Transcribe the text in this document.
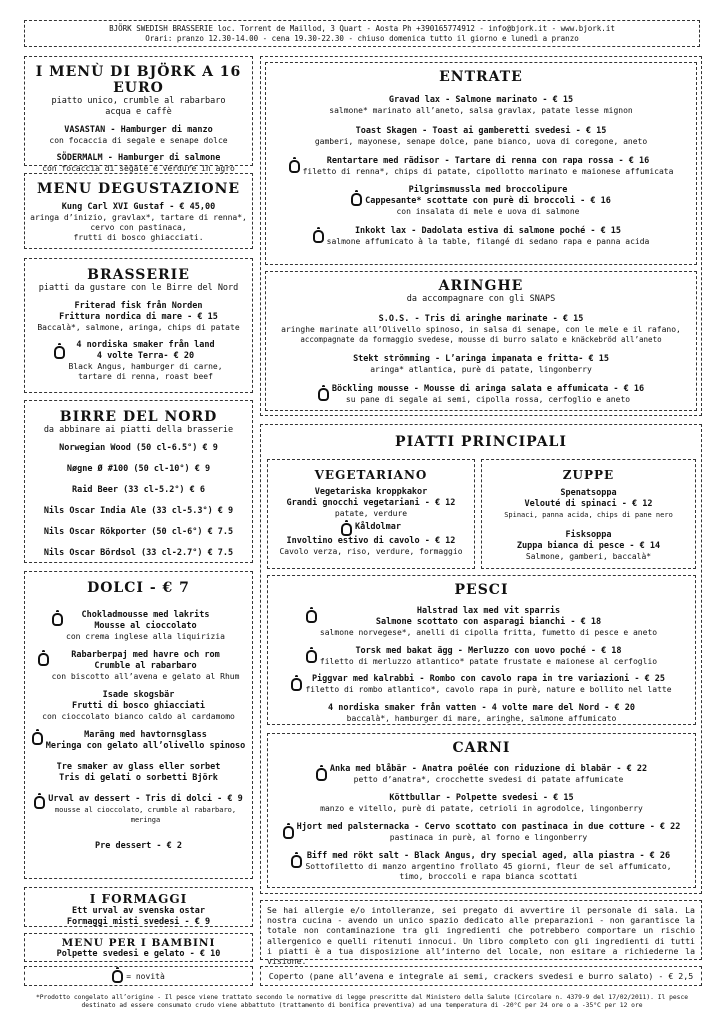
BJÖRK SWEDISH BRASSERIE loc. Torrent de Maillod, 3 Quart - Aosta Ph +390165774912 - info@bjork.it - www.bjork.it
Orari: pranzo 12.30-14.00 - cena 19.30-22.30 - chiuso domenica tutto il giorno e lunedì a pranzo
I MENÙ DI BJÖRK A 16 EURO
piatto unico, crumble al rabarbaro
acqua e caffè
VASASTAN - Hamburger di manzo
con focaccia di segale e senape dolce
SÖDERMALM - Hamburger di salmone
con focaccia di segale e verdure in agro
MENU DEGUSTAZIONE
Kung Carl XVI Gustaf - € 45,00
aringa d’inizio, gravlax*, tartare di renna*,
cervo con pastinaca,
frutti di bosco ghiacciati.
BRASSERIE
piatti da gustare con le Birre del Nord
Friterad fisk från Norden
Frittura nordica di mare - € 15
Baccalà*, salmone, aringa, chips di patate
4 nordiska smaker från land
4 volte Terra- € 20
Black Angus, hamburger di carne,
tartare di renna, roast beef
BIRRE DEL NORD
da abbinare ai piatti della brasserie
Norwegian Wood (50 cl-6.5°) € 9
Nøgne Ø #100 (50 cl-10°) € 9
Raid Beer (33 cl-5.2°) € 6
Nils Oscar India Ale (33 cl-5.3°) € 9
Nils Oscar Rökporter (50 cl-6°) € 7.5
Nils Oscar Bördsol (33 cl-2.7°) € 7.5
DOLCI - € 7
Chokladmousse med lakrits
Mousse al cioccolato
con crema inglese alla liquirizia
Rabarberpaj med havre och rom
Crumble al rabarbaro
con biscotto all’avena e gelato al Rhum
Isade skogsbär
Frutti di bosco ghiacciati
con cioccolato bianco caldo al cardamomo
Maräng med havtornsglass
Meringa con gelato all’olivello spinoso
Tre smaker av glass eller sorbet
Tris di gelati o sorbetti Björk
Urval av dessert - Tris di dolci - € 9
mousse al cioccolato, crumble al rabarbaro,
meringa
Pre dessert - € 2
I FORMAGGI
Ett urval av svenska ostar
Formaggi misti svedesi - € 9
MENU PER I BAMBINI
Polpette svedesi e gelato - € 10
= novità
ENTRATE
Gravad lax - Salmone marinato - € 15
salmone* marinato all’aneto, salsa gravlax, patate lesse mignon
Toast Skagen - Toast ai gamberetti svedesi - € 15
gamberi, mayonese, senape dolce, pane bianco, uova di coregone, aneto
Rentartare med rädisor - Tartare di renna con rapa rossa - € 16
filetto di renna*, chips di patate, cipollotto marinato e maionese affumicata
Pilgrimsmussla med broccolipure
Cappesante* scottate con purè di broccoli - € 16
con insalata di mele e uova di salmone
Inkokt lax - Dadolata estiva di salmone poché - € 15
salmone affumicato à la table, filangé di sedano rapa e panna acida
ARINGHE
da accompagnare con gli SNAPS
S.O.S. - Tris di aringhe marinate - € 15
aringhe marinate all’Olivello spinoso, in salsa di senape, con le mele e il rafano,
accompagnate da formaggio svedese, mousse di burro salato e knäckebröd all’aneto
Stekt strömming - L’aringa impanata e fritta- € 15
aringa* atlantica, purè di patate, lingonberry
Böckling mousse - Mousse di aringa salata e affumicata - € 16
su pane di segale ai semi, cipolla rossa, cerfoglio e aneto
PIATTI PRINCIPALI
VEGETARIANO
Vegetariska kroppkakor
Grandi gnocchi vegetariani - € 12
patate, verdure
Kåldolmar
Involtino estivo di cavolo - € 12
Cavolo verza, riso, verdure, formaggio
ZUPPE
Spenatsoppa
Velouté di spinaci - € 12
Spinaci, panna acida, chips di pane nero
Fisksoppa
Zuppa bianca di pesce - € 14
Salmone, gamberi, baccalà*
PESCI
Halstrad lax med vit sparris
Salmone scottato con asparagi bianchi - € 18
salmone norvegese*, anelli di cipolla fritta, fumetto di pesce e aneto
Torsk med bakat ägg - Merluzzo con uovo poché - € 18
filetto di merluzzo atlantico* patate frustate e maionese al cerfoglio
Piggvar med kalrabbi - Rombo con cavolo rapa in tre variazioni - € 25
filetto di rombo atlantico*, cavolo rapa in purè, nature e bollito nel latte
4 nordiska smaker från vatten - 4 volte mare del Nord - € 20
baccalà*, hamburger di mare, aringhe, salmone affumicato
CARNI
Anka med blåbär - Anatra poêlée con riduzione di blabär - € 22
petto d’anatra*, crocchette svedesi di patate affumicate
Köttbullar - Polpette svedesi - € 15
manzo e vitello, purè di patate, cetrioli in agrodolce, lingonberry
Hjort med palsternacka - Cervo scottato con pastinaca in due cotture - € 22
pastinaca in purè, al forno e lingonberry
Biff med rökt salt - Black Angus, dry special aged, alla piastra - € 26
Sottofiletto di manzo argentino frollato 45 giorni, fleur de sel affumicato,
timo, broccoli e rapa bianca scottati
Se hai allergie e/o intolleranze, sei pregato di avvertire il personale di sala. La nostra cucina - avendo un unico spazio dedicato alle preparazioni - non garantisce la totale non contaminazione tra gli ingredienti che potrebbero comportare un rischio allergenico e quelli ritenuti innocui. Un libro completo con gli ingredienti di tutti i piatti è a tua disposizione all’interno del locale, non esitare a richiederne la visione.
Coperto (pane all’avena e integrale ai semi, crackers svedesi e burro salato) - € 2,5
*Prodotto congelato all’origine - Il pesce viene trattato secondo le normative di legge prescritte dal Ministero della Salute (Circolare n. 4379-9 del 17/02/2011). Il pesce destinato ad essere consumato crudo viene abbattuto (trattamento di bonifica preventiva) ad una temperatura di -20°C per 24 ore o a -35°C per 12 ore
